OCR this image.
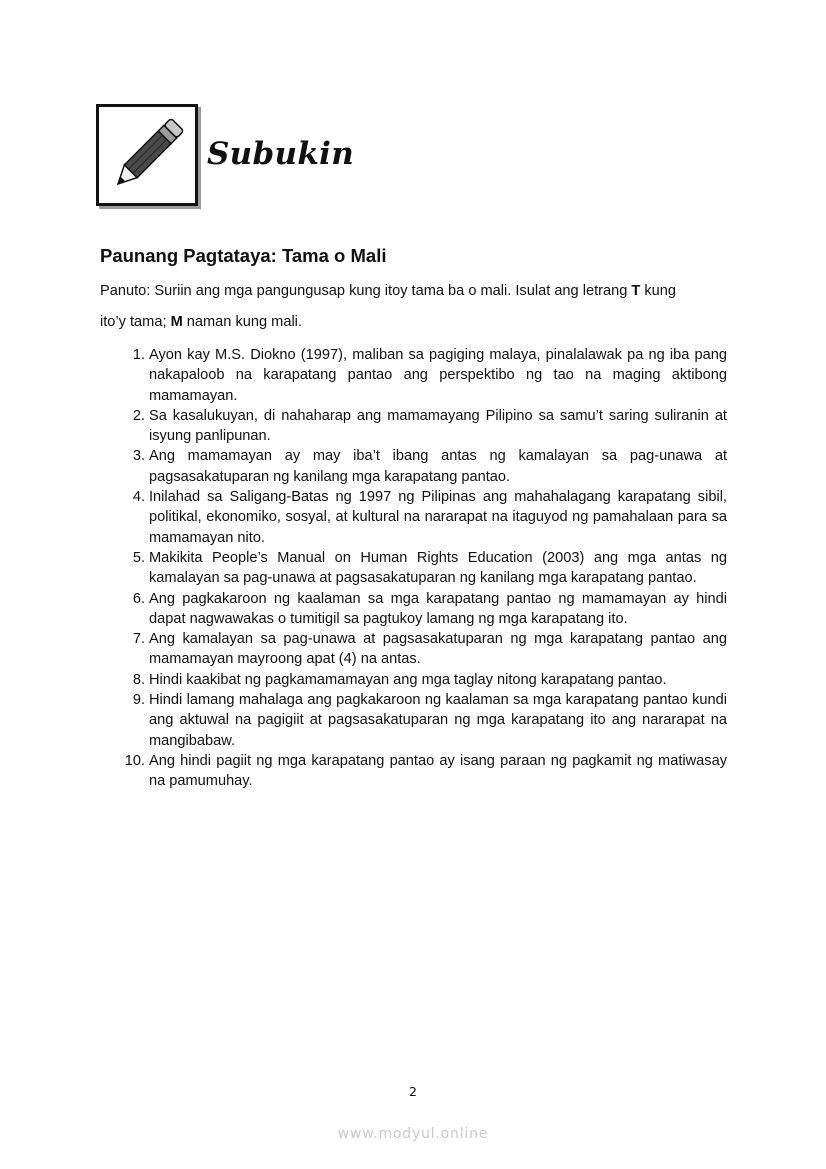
Subukin
Paunang Pagtataya: Tama o Mali
Panuto: Suriin ang mga pangungusap kung itoy tama ba o mali. Isulat ang letrang T kung
ito’y tama; M naman kung mali.
1. Ayon kay M.S. Diokno (1997), maliban sa pagiging malaya, pinalalawak pa ng iba pang nakapaloob na karapatang pantao ang perspektibo ng tao na maging aktibong mamamayan.
2. Sa kasalukuyan, di nahaharap ang mamamayang Pilipino sa samu’t saring suliranin at isyung panlipunan.
3. Ang mamamayan ay may iba’t ibang antas ng kamalayan sa pag-unawa at pagsasakatuparan ng kanilang mga karapatang pantao.
4. Inilahad sa Saligang-Batas ng 1997 ng Pilipinas ang mahahalagang karapatang sibil, politikal, ekonomiko, sosyal, at kultural na nararapat na itaguyod ng pamahalaan para sa mamamayan nito.
5. Makikita People’s Manual on Human Rights Education (2003) ang mga antas ng kamalayan sa pag-unawa at pagsasakatuparan ng kanilang mga karapatang pantao.
6. Ang pagkakaroon ng kaalaman sa mga karapatang pantao ng mamamayan ay hindi dapat nagwawakas o tumitigil sa pagtukoy lamang ng mga karapatang ito.
7. Ang kamalayan sa pag-unawa at pagsasakatuparan ng mga karapatang pantao ang mamamayan mayroong apat (4) na antas.
8. Hindi kaakibat ng pagkamamamayan ang mga taglay nitong karapatang pantao.
9. Hindi lamang mahalaga ang pagkakaroon ng kaalaman sa mga karapatang pantao kundi ang aktuwal na pagigiit at pagsasakatuparan ng mga karapatang ito ang nararapat na mangibabaw.
10. Ang hindi pagiit ng mga karapatang pantao ay isang paraan ng pagkamit ng matiwasay na pamumuhay.
2
www.modyul.online
